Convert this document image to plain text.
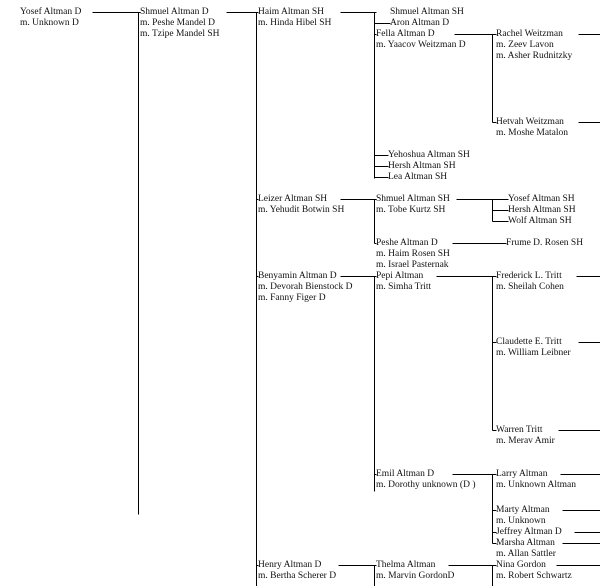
Yosef Altman D
m. Unknown D
Shmuel Altman D
m. Peshe Mandel D
m. Tzipe Mandel SH
Haim Altman SH
m. Hinda Hibel SH
Shmuel Altman SH
Aron Altman D
Fella Altman D
m. Yaacov Weitzman D
Rachel Weitzman
m. Zeev Lavon
m. Asher Rudnitzky
Hetvah Weitzman
m. Moshe Matalon
Yehoshua Altman SH
Hersh Altman SH
Lea Altman SH
Leizer Altman SH
m. Yehudit Botwin SH
Shmuel Altman SH
m. Tobe Kurtz SH
Yosef Altman SH
Hersh Altman SH
Wolf Altman SH
Peshe Altman D
m. Haim Rosen SH
m. Israel Pasternak
Frume D. Rosen SH
Benyamin Altman D
m. Devorah Bienstock D
m. Fanny Figer D
Pepi Altman
m. Simha Tritt
Frederick L. Tritt
m. Sheilah Cohen
Claudette E. Tritt
m. William Leibner
Warren Tritt
m. Merav Amir
Emil Altman D
m. Dorothy unknown (D )
Larry Altman
m. Unknown Altman
Marty Altman
m. Unknown
Jeffrey Altman D
Marsha Altman
m. Allan Sattler
Henry Altman D
m. Bertha Scherer D
Thelma Altman
m. Marvin GordonD
Nina Gordon
m. Robert Schwartz
